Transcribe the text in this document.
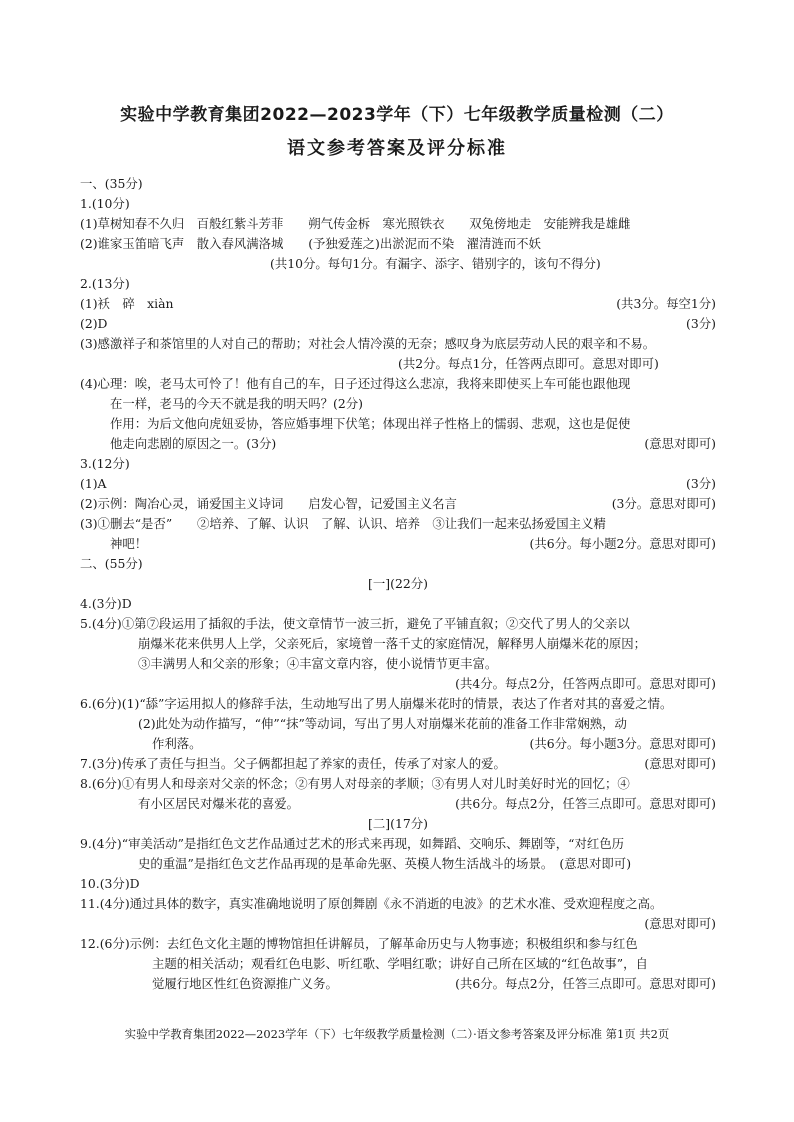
实验中学教育集团2022—2023学年（下）七年级教学质量检测（二）
语文参考答案及评分标准
一、(35分)
1.(10分)
(1)草树知春不久归　百般红紫斗芳菲　　朔气传金柝　寒光照铁衣　　双兔傍地走　安能辨我是雄雌
(2)谁家玉笛暗飞声　散入春风满洛城　　(予独爱莲之)出淤泥而不染　濯清涟而不妖
(共10分。每句1分。有漏字、添字、错别字的，该句不得分)
2.(13分)
(1)袄　碎　xiàn	(共3分。每空1分)
(2)D	(3分)
(3)感激祥子和茶馆里的人对自己的帮助；对社会人情冷漠的无奈；感叹身为底层劳动人民的艰辛和不易。
(共2分。每点1分，任答两点即可。意思对即可)
(4)心理：唉，老马太可怜了！他有自己的车，日子还过得这么悲凉，我将来即使买上车可能也跟他现
在一样，老马的今天不就是我的明天吗？(2分)
作用：为后文他向虎妞妥协，答应婚事埋下伏笔；体现出祥子性格上的懦弱、悲观，这也是促使
他走向悲剧的原因之一。(3分)	(意思对即可)
3.(12分)
(1)A	(3分)
(2)示例：陶冶心灵，诵爱国主义诗词　　启发心智，记爱国主义名言	(3分。意思对即可)
(3)①删去“是否”　　②培养、了解、认识　了解、认识、培养　③让我们一起来弘扬爱国主义精
神吧！	(共6分。每小题2分。意思对即可)
二、(55分)
[一](22分)
4.(3分)D
5.(4分)①第⑦段运用了插叙的手法，使文章情节一波三折，避免了平铺直叙；②交代了男人的父亲以
崩爆米花来供男人上学，父亲死后，家境曾一落千丈的家庭情况，解释男人崩爆米花的原因；
③丰满男人和父亲的形象；④丰富文章内容，使小说情节更丰富。
(共4分。每点2分，任答两点即可。意思对即可)
6.(6分)(1)“舔”字运用拟人的修辞手法，生动地写出了男人崩爆米花时的情景，表达了作者对其的喜爱之情。
(2)此处为动作描写，“伸”“抹”等动词，写出了男人对崩爆米花前的准备工作非常娴熟，动
作利落。	(共6分。每小题3分。意思对即可)
7.(3分)传承了责任与担当。父子俩都担起了养家的责任，传承了对家人的爱。	(意思对即可)
8.(6分)①有男人和母亲对父亲的怀念；②有男人对母亲的孝顺；③有男人对儿时美好时光的回忆；④
有小区居民对爆米花的喜爱。	(共6分。每点2分，任答三点即可。意思对即可)
[二](17分)
9.(4分)“审美活动”是指红色文艺作品通过艺术的形式来再现，如舞蹈、交响乐、舞剧等，“对红色历
史的重温”是指红色文艺作品再现的是革命先驱、英模人物生活战斗的场景。　(意思对即可)
10.(3分)D
11.(4分)通过具体的数字，真实准确地说明了原创舞剧《永不消逝的电波》的艺术水准、受欢迎程度之高。
(意思对即可)
12.(6分)示例：去红色文化主题的博物馆担任讲解员，了解革命历史与人物事迹；积极组织和参与红色
主题的相关活动；观看红色电影、听红歌、学唱红歌；讲好自己所在区域的“红色故事”，自
觉履行地区性红色资源推广义务。	(共6分。每点2分，任答三点即可。意思对即可)
实验中学教育集团2022—2023学年（下）七年级教学质量检测（二）·语文参考答案及评分标准 第1页 共2页
